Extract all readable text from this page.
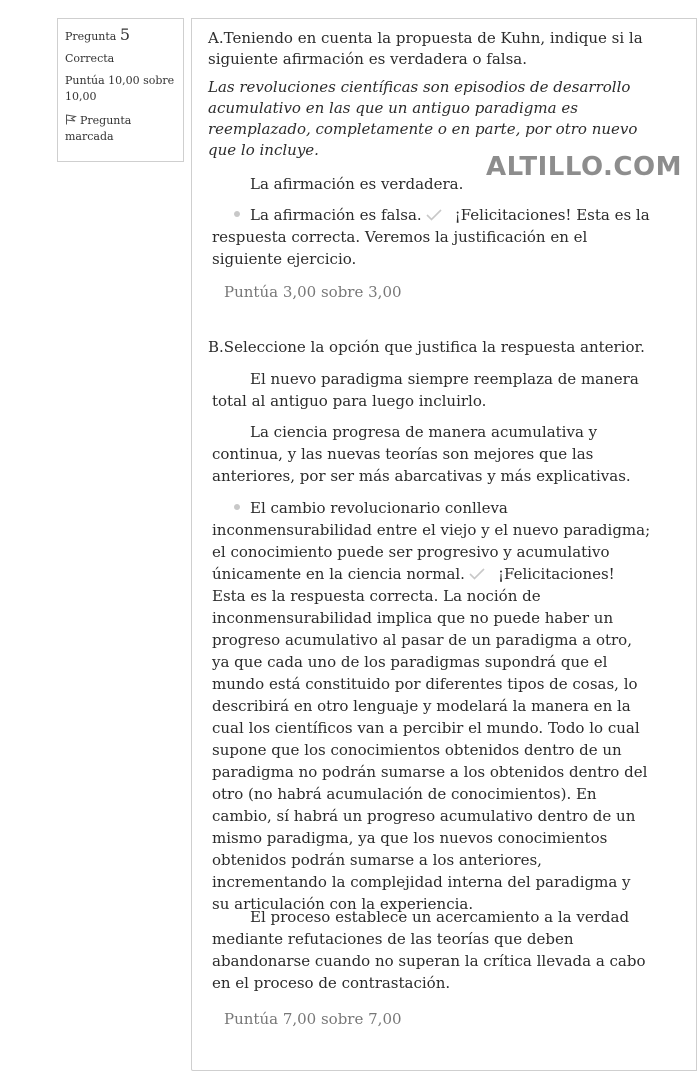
Pregunta 5
Correcta
Puntúa 10,00 sobre 10,00
Pregunta marcada
ALTILLO.COM
A.Teniendo en cuenta la propuesta de Kuhn, indique si la siguiente afirmación es verdadera o falsa.
Las revoluciones científicas son episodios de desarrollo acumulativo en las que un antiguo paradigma es reemplazado, completamente o en parte, por otro nuevo que lo incluye.
La afirmación es verdadera.
La afirmación es falsa. ¡Felicitaciones! Esta es la respuesta correcta. Veremos la justificación en el siguiente ejercicio.
Puntúa 3,00 sobre 3,00
B.Seleccione la opción que justifica la respuesta anterior.
El nuevo paradigma siempre reemplaza de manera total al antiguo para luego incluirlo.
La ciencia progresa de manera acumulativa y continua, y las nuevas teorías son mejores que las anteriores, por ser más abarcativas y más explicativas.
El cambio revolucionario conlleva inconmensurabilidad entre el viejo y el nuevo paradigma; el conocimiento puede ser progresivo y acumulativo únicamente en la ciencia normal. ¡Felicitaciones! Esta es la respuesta correcta. La noción de inconmensurabilidad implica que no puede haber un progreso acumulativo al pasar de un paradigma a otro, ya que cada uno de los paradigmas supondrá que el mundo está constituido por diferentes tipos de cosas, lo describirá en otro lenguaje y modelará la manera en la cual los científicos van a percibir el mundo. Todo lo cual supone que los conocimientos obtenidos dentro de un paradigma no podrán sumarse a los obtenidos dentro del otro (no habrá acumulación de conocimientos). En cambio, sí habrá un progreso acumulativo dentro de un mismo paradigma, ya que los nuevos conocimientos obtenidos podrán sumarse a los anteriores, incrementando la complejidad interna del paradigma y su articulación con la experiencia.
El proceso establece un acercamiento a la verdad mediante refutaciones de las teorías que deben abandonarse cuando no superan la crítica llevada a cabo en el proceso de contrastación.
Puntúa 7,00 sobre 7,00
